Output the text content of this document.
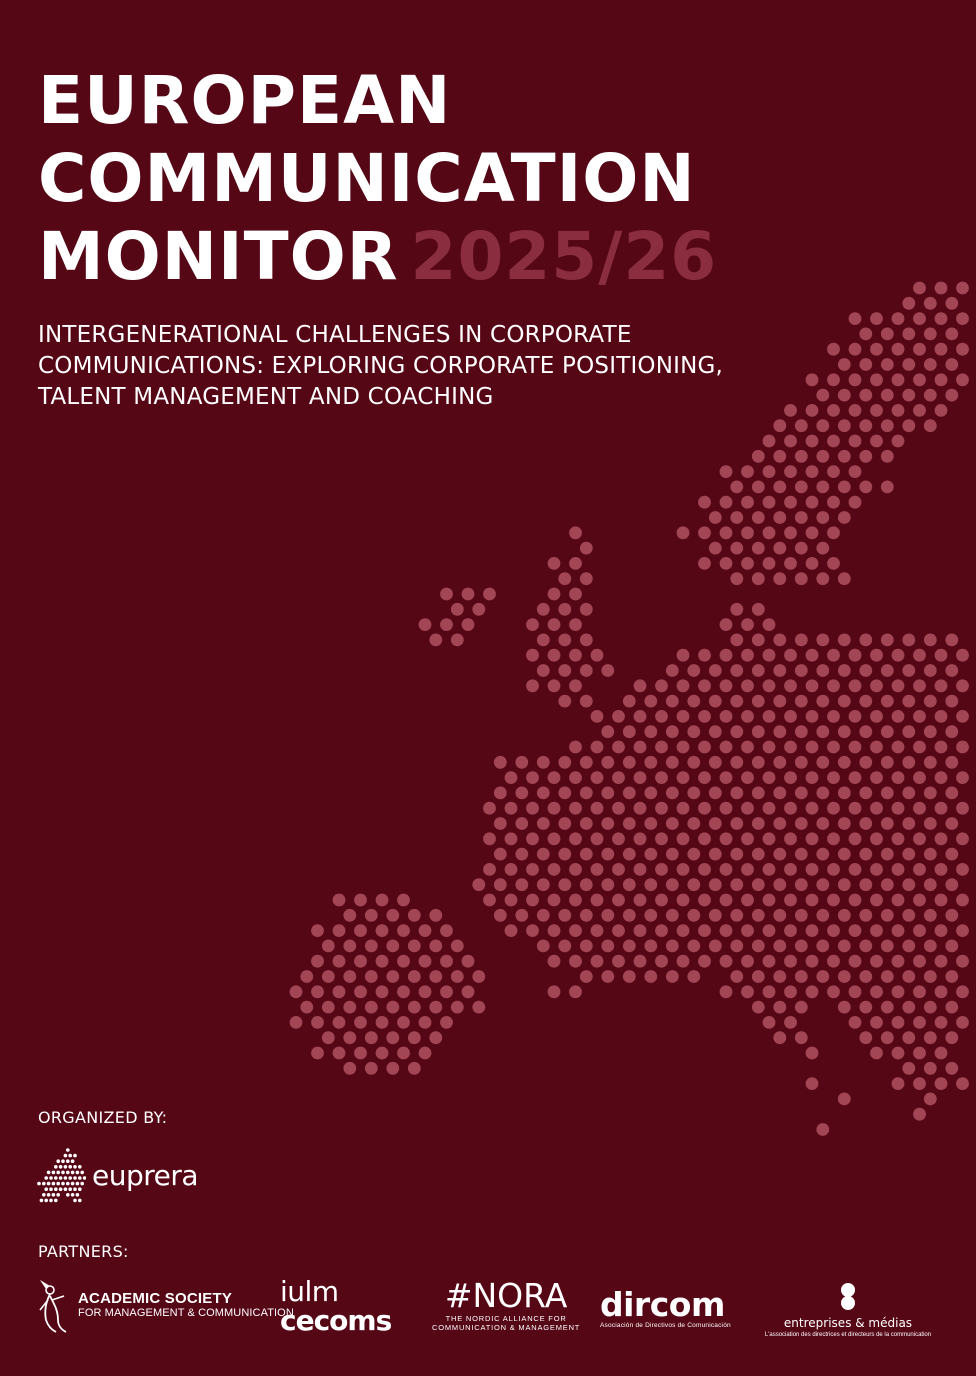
EUROPEAN
COMMUNICATION
MONITOR 2025/26
INTERGENERATIONAL CHALLENGES IN CORPORATE
COMMUNICATIONS: EXPLORING CORPORATE POSITIONING,
TALENT MANAGEMENT AND COACHING
ORGANIZED BY:
euprera
PARTNERS:
ACADEMIC SOCIETY
FOR MANAGEMENT & COMMUNICATION
iulm
cecoms
#NORA
THE NORDIC ALLIANCE FOR
COMMUNICATION & MANAGEMENT
dircom
Asociación de Directivos de Comunicación	entreprises & médias
L'association des directrices et directeurs de la communication
